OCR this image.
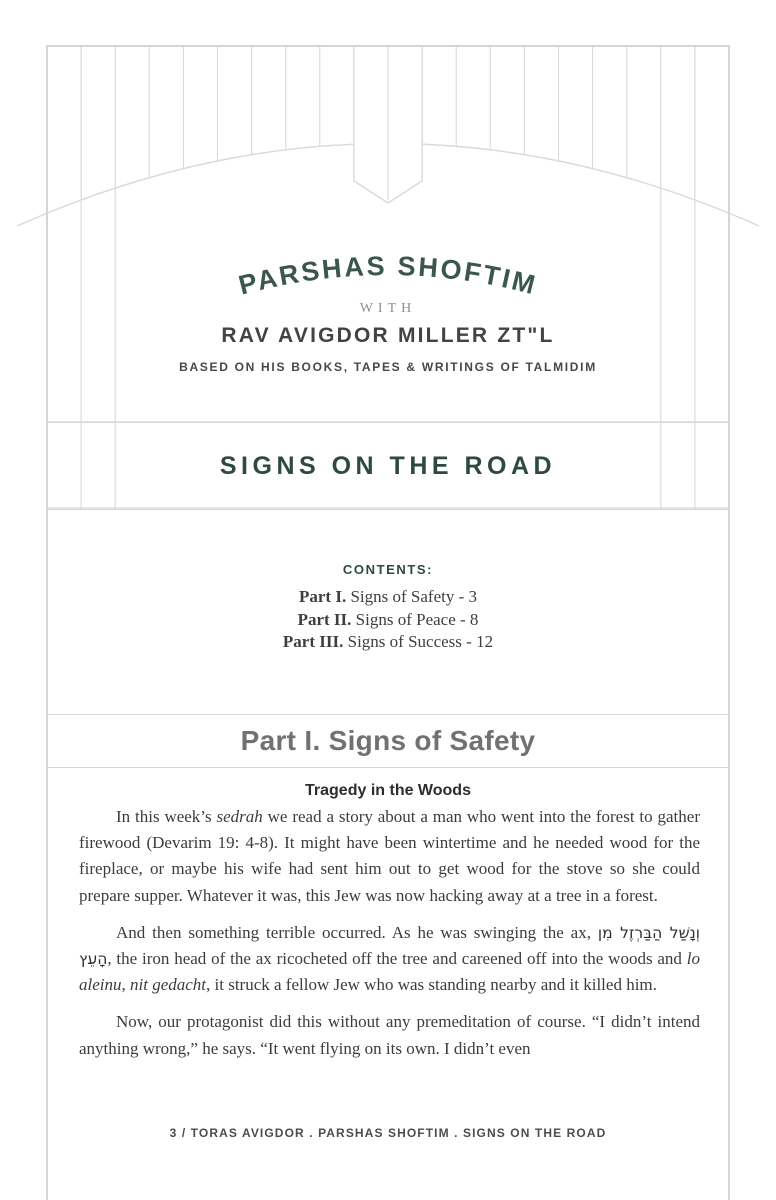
PARSHAS SHOFTIM
WITH
RAV AVIGDOR MILLER ZT"L
BASED ON HIS BOOKS, TAPES & WRITINGS OF TALMIDIM
SIGNS ON THE ROAD
CONTENTS:
Part I. Signs of Safety - 3
Part II. Signs of Peace - 8
Part III. Signs of Success - 12
Part I. Signs of Safety
Tragedy in the Woods

In this week’s sedrah we read a story about a man who went into the forest to gather firewood (Devarim 19: 4-8). It might have been wintertime and he needed wood for the fireplace, or maybe his wife had sent him out to get wood for the stove so she could prepare supper. Whatever it was, this Jew was now hacking away at a tree in a forest.

And then something terrible occurred. As he was swinging the ax, וְנָשַׁל הַבַּרְזֶל מִן הָעֵץ, the iron head of the ax ricocheted off the tree and careened off into the woods and lo aleinu, nit gedacht, it struck a fellow Jew who was standing nearby and it killed him.

Now, our protagonist did this without any premeditation of course. “I didn’t intend anything wrong,” he says. “It went flying on its own. I didn’t even

3 / TORAS AVIGDOR . PARSHAS SHOFTIM . SIGNS ON THE ROAD
